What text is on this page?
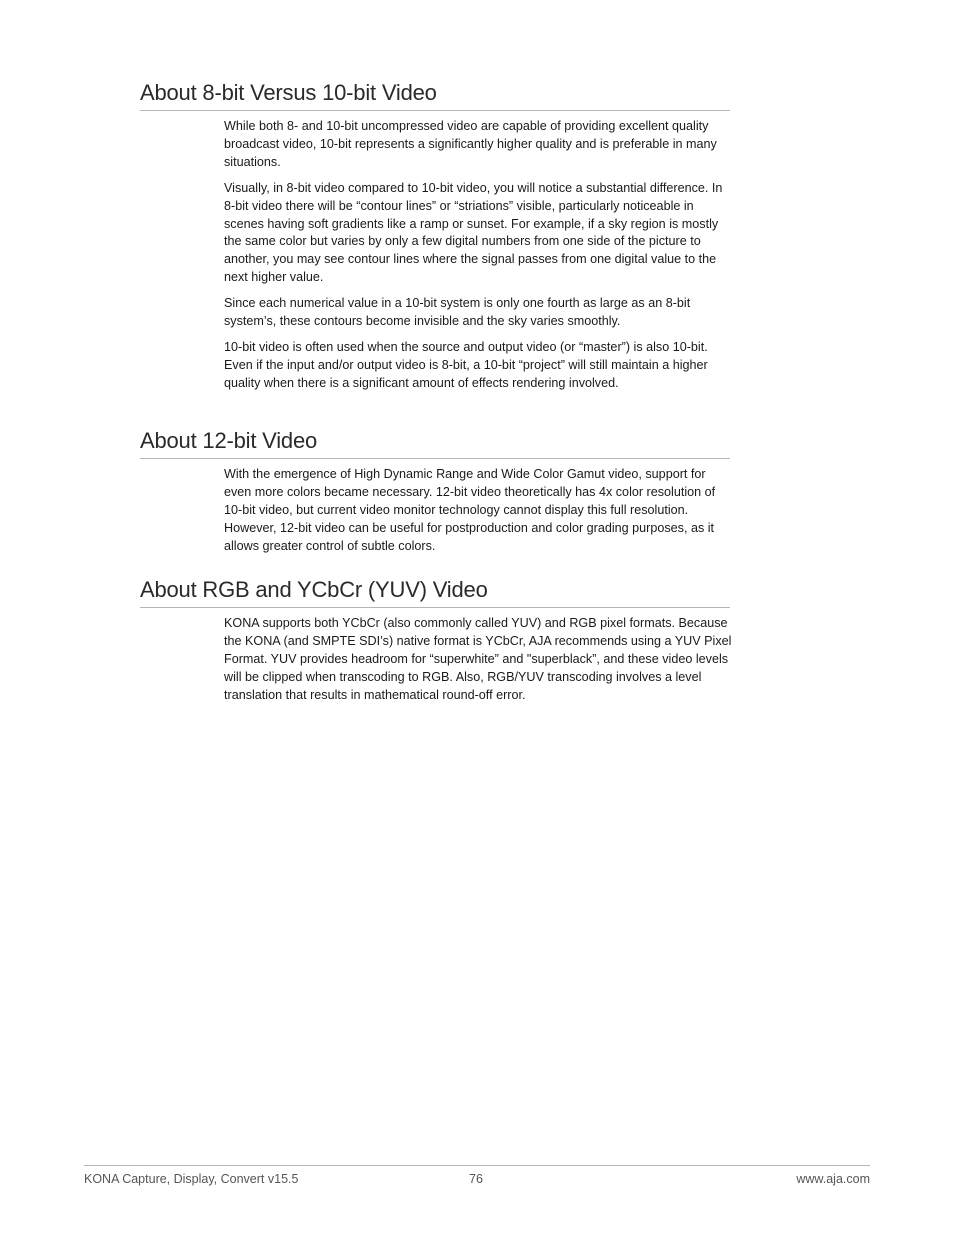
About 8-bit Versus 10-bit Video

While both 8- and 10-bit uncompressed video are capable of providing excellent quality broadcast video, 10-bit represents a significantly higher quality and is preferable in many situations.

Visually, in 8-bit video compared to 10-bit video, you will notice a substantial difference. In 8-bit video there will be “contour lines” or “striations” visible, particularly noticeable in scenes having soft gradients like a ramp or sunset. For example, if a sky region is mostly the same color but varies by only a few digital numbers from one side of the picture to another, you may see contour lines where the signal passes from one digital value to the next higher value.

Since each numerical value in a 10-bit system is only one fourth as large as an 8-bit system’s, these contours become invisible and the sky varies smoothly.

10-bit video is often used when the source and output video (or “master”) is also 10-bit. Even if the input and/or output video is 8-bit, a 10-bit “project” will still maintain a higher quality when there is a significant amount of effects rendering involved.

About 12-bit Video

With the emergence of High Dynamic Range and Wide Color Gamut video, support for even more colors became necessary. 12-bit video theoretically has 4x color resolution of 10-bit video, but current video monitor technology cannot display this full resolution. However, 12-bit video can be useful for postproduction and color grading purposes, as it allows greater control of subtle colors.

About RGB and YCbCr (YUV) Video

KONA supports both YCbCr (also commonly called YUV) and RGB pixel formats. Because the KONA (and SMPTE SDI’s) native format is YCbCr, AJA recommends using a YUV Pixel Format. YUV provides headroom for “superwhite” and "superblack”, and these video levels will be clipped when transcoding to RGB. Also, RGB/YUV transcoding involves a level translation that results in mathematical round-off error.

KONA Capture, Display, Convert v15.5	76	www.aja.com
